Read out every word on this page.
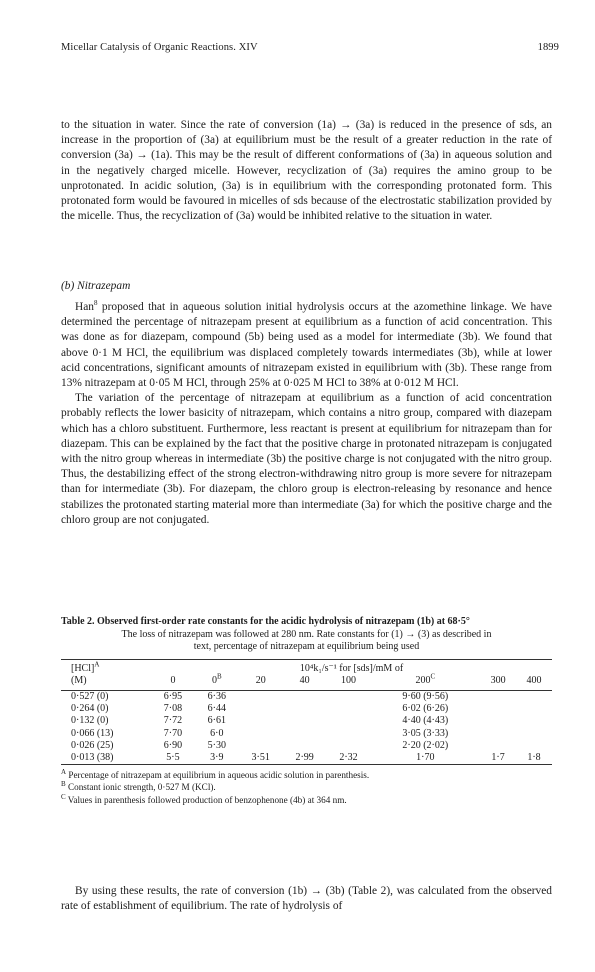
Micellar Catalysis of Organic Reactions. XIV	1899

to the situation in water. Since the rate of conversion (1a) → (3a) is reduced in the presence of sds, an increase in the proportion of (3a) at equilibrium must be the result of a greater reduction in the rate of conversion (3a) → (1a). This may be the result of different conformations of (3a) in aqueous solution and in the negatively charged micelle. However, recyclization of (3a) requires the amino group to be unprotonated. In acidic solution, (3a) is in equilibrium with the corresponding protonated form. This protonated form would be favoured in micelles of sds because of the electrostatic stabilization provided by the micelle. Thus, the recyclization of (3a) would be inhibited relative to the situation in water.

(b) Nitrazepam

Han$^8$ proposed that in aqueous solution initial hydrolysis occurs at the azomethine linkage. We have determined the percentage of nitrazepam present at equilibrium as a function of acid concentration. This was done as for diazepam, compound (5b) being used as a model for intermediate (3b). We found that above 0·1 M HCl, the equilibrium was displaced completely towards intermediates (3b), while at lower acid concentrations, significant amounts of nitrazepam existed in equilibrium with (3b). These range from 13% nitrazepam at 0·05 M HCl, through 25% at 0·025 M HCl to 38% at 0·012 M HCl.

The variation of the percentage of nitrazepam at equilibrium as a function of acid concentration probably reflects the lower basicity of nitrazepam, which contains a nitro group, compared with diazepam which has a chloro substituent. Furthermore, less reactant is present at equilibrium for nitrazepam than for diazepam. This can be explained by the fact that the positive charge in protonated nitrazepam is conjugated with the nitro group whereas in intermediate (3b) the positive charge is not conjugated with the nitro group. Thus, the destabilizing effect of the strong electron-withdrawing nitro group is more severe for nitrazepam than for intermediate (3b). For diazepam, the chloro group is electron-releasing by resonance and hence stabilizes the protonated starting material more than intermediate (3a) for which the positive charge and the chloro group are not conjugated.

Table 2. Observed first-order rate constants for the acidic hydrolysis of nitrazepam (1b) at 68·5°
The loss of nitrazepam was followed at 280 nm. Rate constants for (1) → (3) as described in
text, percentage of nitrazepam at equilibrium being used

[HCl]$^A$	10⁴k₁/s⁻¹ for [sds]/mM of							
(M)	0	$0^B$	20	40	100	$200^C$	300	400

0·527 (0)	6·95	6·36				9·60 (9·56)		
0·264 (0)	7·08	6·44				6·02 (6·26)		
0·132 (0)	7·72	6·61				4·40 (4·43)		
0·066 (13)	7·70	6·0				3·05 (3·33)		
0·026 (25)	6·90	5·30				2·20 (2·02)		
0·013 (38)	5·5	3·9	3·51	2·99	2·32	1·70	1·7	1·8

$^A$ Percentage of nitrazepam at equilibrium in aqueous acidic solution in parenthesis.
$^B$ Constant ionic strength, 0·527 M (KCl).
$^C$ Values in parenthesis followed production of benzophenone (4b) at 364 nm.

By using these results, the rate of conversion (1b) → (3b) (Table 2), was calculated from the observed rate of establishment of equilibrium. The rate of hydrolysis of
